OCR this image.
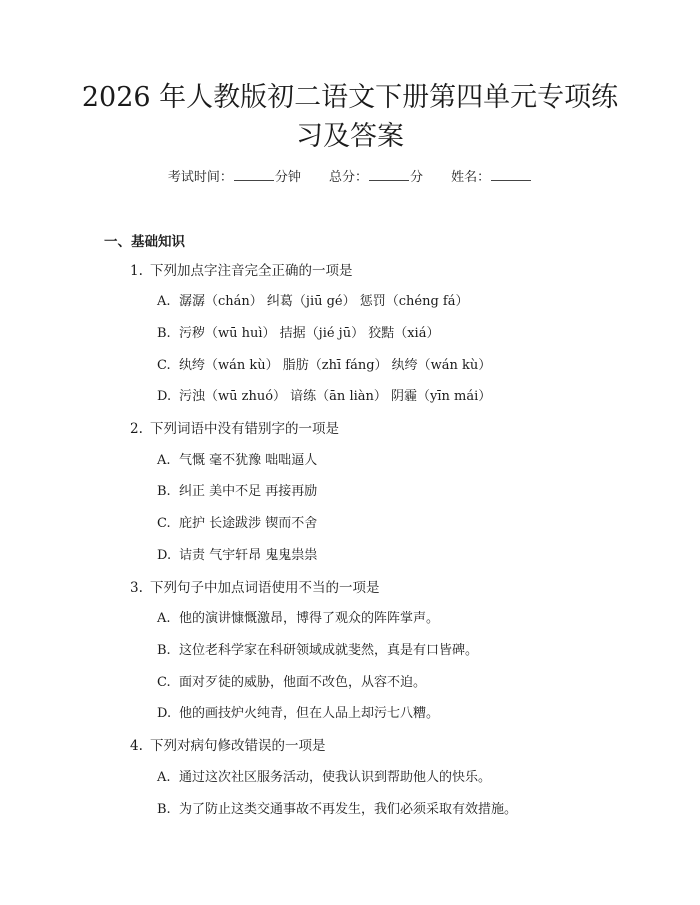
2026 年人教版初二语文下册第四单元专项练
习及答案
考试时间：	分钟 总分：	分 姓名：
一、基础知识
1. 下列加点字注音完全正确的一项是
A. 潺潺（chán） 纠葛（jiū gé） 惩罚（chéng fá）
B. 污秽（wū huì） 拮据（jié jū） 狡黠（xiá）
C. 纨绔（wán kù） 脂肪（zhī fáng） 纨绔（wán kù）
D. 污浊（wū zhuó） 谙练（ān liàn） 阴霾（yīn mái）
2. 下列词语中没有错别字的一项是
A. 气慨 毫不犹豫 咄咄逼人
B. 纠正 美中不足 再接再励
C. 庇护 长途跋涉 锲而不舍
D. 诘责 气宇轩昂 鬼鬼祟祟
3. 下列句子中加点词语使用不当的一项是
A. 他的演讲慷慨激昂，博得了观众的阵阵掌声。
B. 这位老科学家在科研领域成就斐然，真是有口皆碑。
C. 面对歹徒的威胁，他面不改色，从容不迫。
D. 他的画技炉火纯青，但在人品上却污七八糟。
4. 下列对病句修改错误的一项是
A. 通过这次社区服务活动，使我认识到帮助他人的快乐。
B. 为了防止这类交通事故不再发生，我们必须采取有效措施。
